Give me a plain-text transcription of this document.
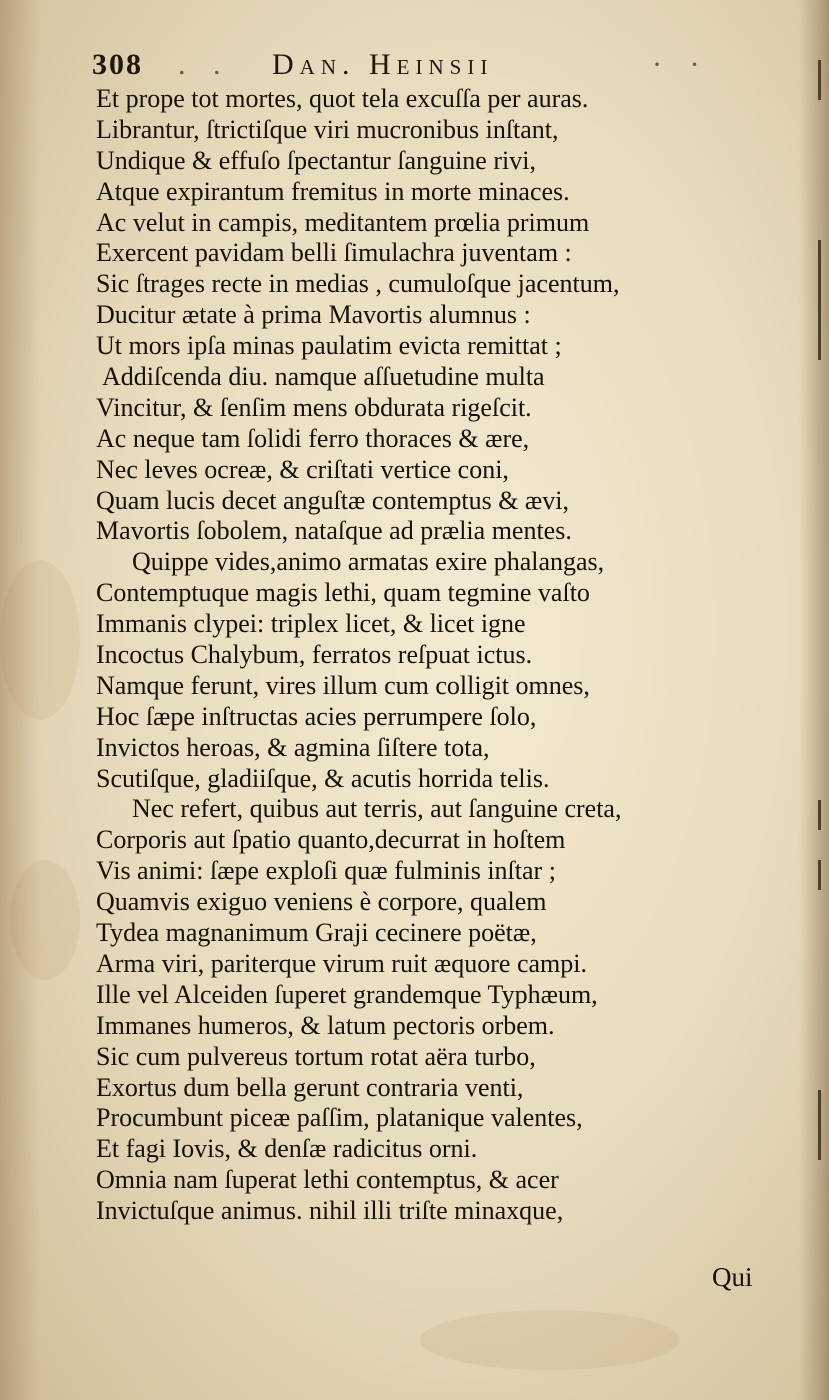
308 . . Dan. Heinsii	· ·
Et prope tot mortes, quot tela excuſſa per auras.
Librantur, ſtrictiſque viri mucronibus inſtant,
Undique & effuſo ſpectantur ſanguine rivi,
Atque expirantum fremitus in morte minaces.
Ac velut in campis, meditantem prœlia primum
Exercent pavidam belli ſimulachra juventam :
Sic ſtrages recte in medias , cumuloſque jacentum,
Ducitur ætate à prima Mavortis alumnus :
Ut mors ipſa minas paulatim evicta remittat ;
Addiſcenda diu. namque aſſuetudine multa
Vincitur, & ſenſim mens obdurata rigeſcit.
Ac neque tam ſolidi ferro thoraces & ære,
Nec leves ocreæ, & criſtati vertice coni,
Quam lucis decet anguſtæ contemptus & ævi,
Mavortis ſobolem, nataſque ad prælia mentes.
Quippe vides,animo armatas exire phalangas,
Contemptuque magis lethi, quam tegmine vaſto
Immanis clypei: triplex licet, & licet igne
Incoctus Chalybum, ferratos reſpuat ictus.
Namque ferunt, vires illum cum colligit omnes,
Hoc ſæpe inſtructas acies perrumpere ſolo,
Invictos heroas, & agmina ſiſtere tota,
Scutiſque, gladiiſque, & acutis horrida telis.
Nec refert, quibus aut terris, aut ſanguine creta,
Corporis aut ſpatio quanto,decurrat in hoſtem
Vis animi: ſæpe exploſi quæ fulminis inſtar ;
Quamvis exiguo veniens è corpore, qualem
Tydea magnanimum Graji cecinere poëtæ,
Arma viri, pariterque virum ruit æquore campi.
Ille vel Alceiden ſuperet grandemque Typhæum,
Immanes humeros, & latum pectoris orbem.
Sic cum pulvereus tortum rotat aëra turbo,
Exortus dum bella gerunt contraria venti,
Procumbunt piceæ paſſim, platanique valentes,
Et fagi Iovis, & denſæ radicitus orni.
Omnia nam ſuperat lethi contemptus, & acer
Invictuſque animus. nihil illi triſte minaxque,
Qui
